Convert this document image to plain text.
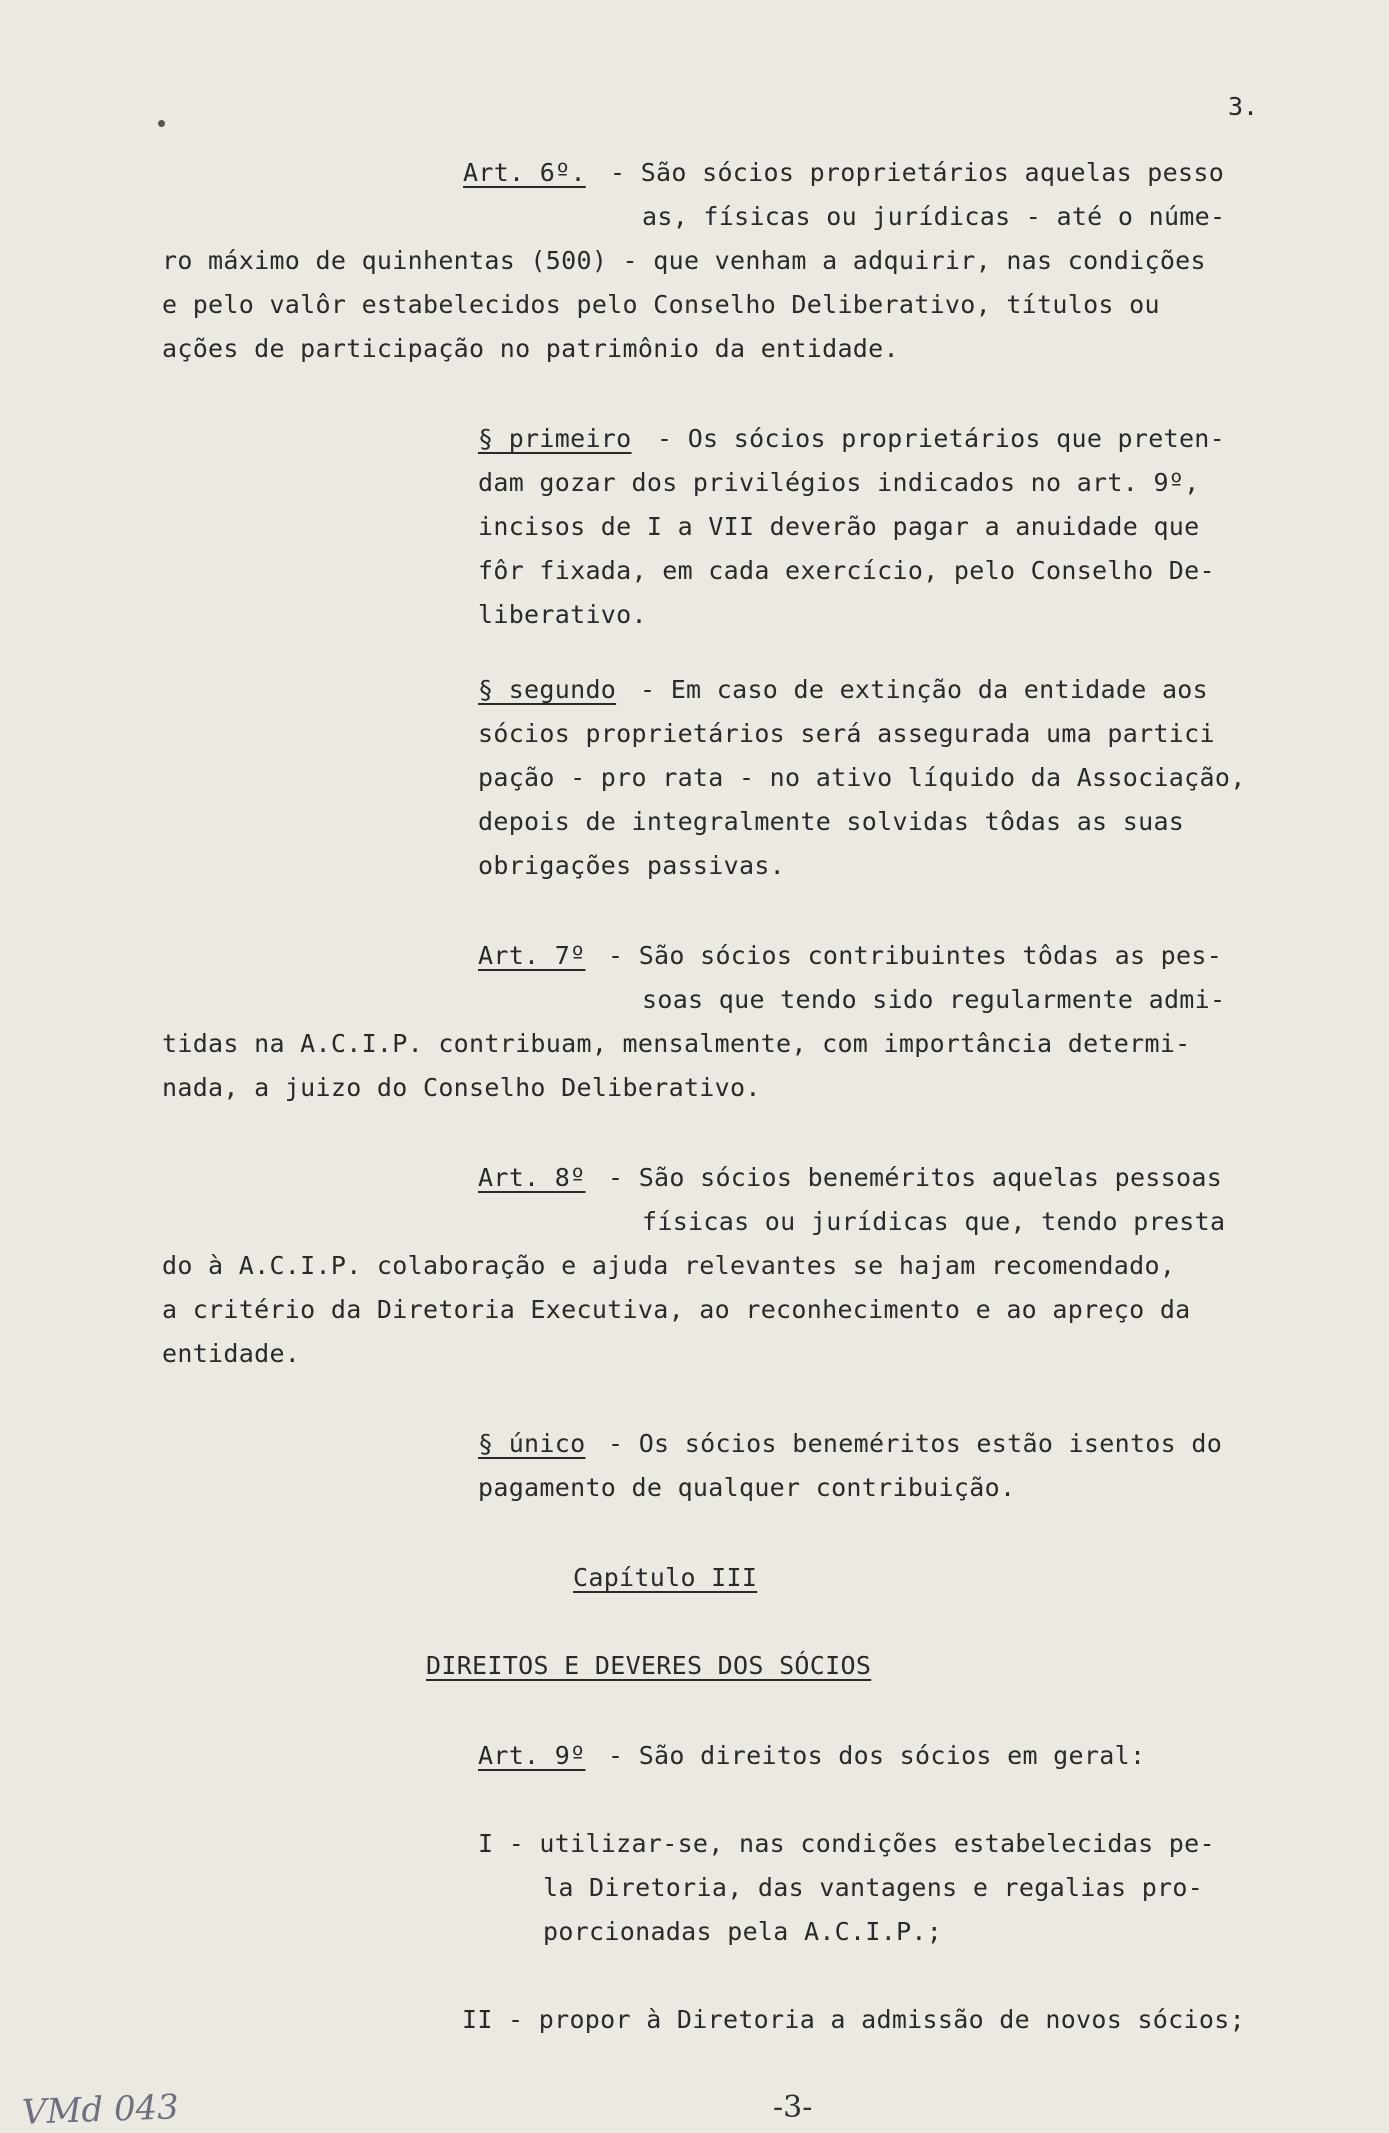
3.
Art. 6º. - São sócios proprietários aquelas pesso
as, físicas ou jurídicas - até o núme-
ro máximo de quinhentas (500) - que venham a adquirir, nas condições
e pelo valôr estabelecidos pelo Conselho Deliberativo, títulos ou
ações de participação no patrimônio da entidade.
§ primeiro - Os sócios proprietários que preten-
dam gozar dos privilégios indicados no art. 9º,
incisos de I a VII deverão pagar a anuidade que
fôr fixada, em cada exercício, pelo Conselho De-
liberativo.
§ segundo - Em caso de extinção da entidade aos
sócios proprietários será assegurada uma partici
pação - pro rata - no ativo líquido da Associação,
depois de integralmente solvidas tôdas as suas
obrigações passivas.
Art. 7º - São sócios contribuintes tôdas as pes-
soas que tendo sido regularmente admi-
tidas na A.C.I.P. contribuam, mensalmente, com importância determi-
nada, a juizo do Conselho Deliberativo.
Art. 8º - São sócios beneméritos aquelas pessoas
físicas ou jurídicas que, tendo presta
do à A.C.I.P. colaboração e ajuda relevantes se hajam recomendado,
a critério da Diretoria Executiva, ao reconhecimento e ao apreço da
entidade.
§ único - Os sócios beneméritos estão isentos do
pagamento de qualquer contribuição.
Capítulo III
DIREITOS E DEVERES DOS SÓCIOS
Art. 9º - São direitos dos sócios em geral:
I - utilizar-se, nas condições estabelecidas pe-
la Diretoria, das vantagens e regalias pro-
porcionadas pela A.C.I.P.;
II - propor à Diretoria a admissão de novos sócios;
VMd 043	-3-
